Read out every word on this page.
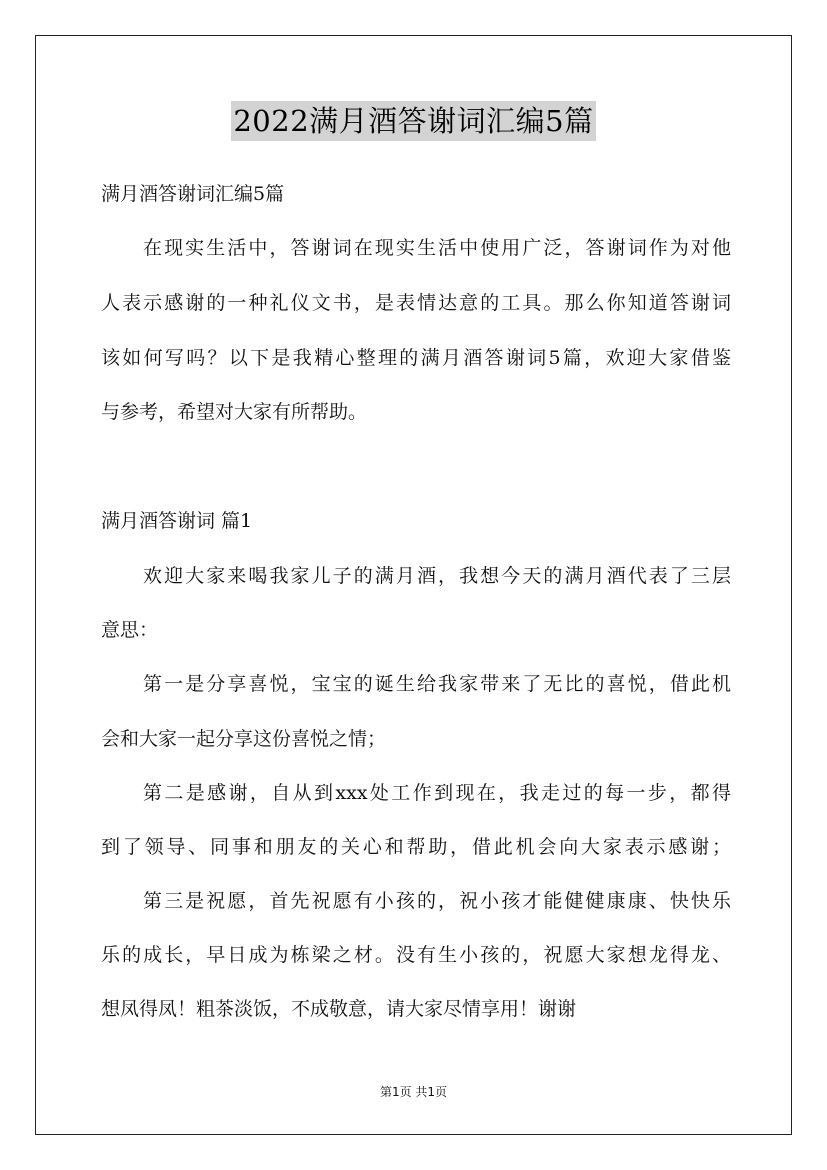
2022满月酒答谢词汇编5篇
满月酒答谢词汇编5篇
在现实生活中，答谢词在现实生活中使用广泛，答谢词作为对他
人表示感谢的一种礼仪文书，是表情达意的工具。那么你知道答谢词
该如何写吗？以下是我精心整理的满月酒答谢词5篇，欢迎大家借鉴
与参考，希望对大家有所帮助。
满月酒答谢词 篇1
欢迎大家来喝我家儿子的满月酒，我想今天的满月酒代表了三层
意思：
第一是分享喜悦，宝宝的诞生给我家带来了无比的喜悦，借此机
会和大家一起分享这份喜悦之情；
第二是感谢，自从到xxx处工作到现在，我走过的每一步，都得
到了领导、同事和朋友的关心和帮助，借此机会向大家表示感谢；
第三是祝愿，首先祝愿有小孩的，祝小孩才能健健康康、快快乐
乐的成长，早日成为栋梁之材。没有生小孩的，祝愿大家想龙得龙、
想凤得凤！粗茶淡饭，不成敬意，请大家尽情享用！谢谢
第1页 共1页
